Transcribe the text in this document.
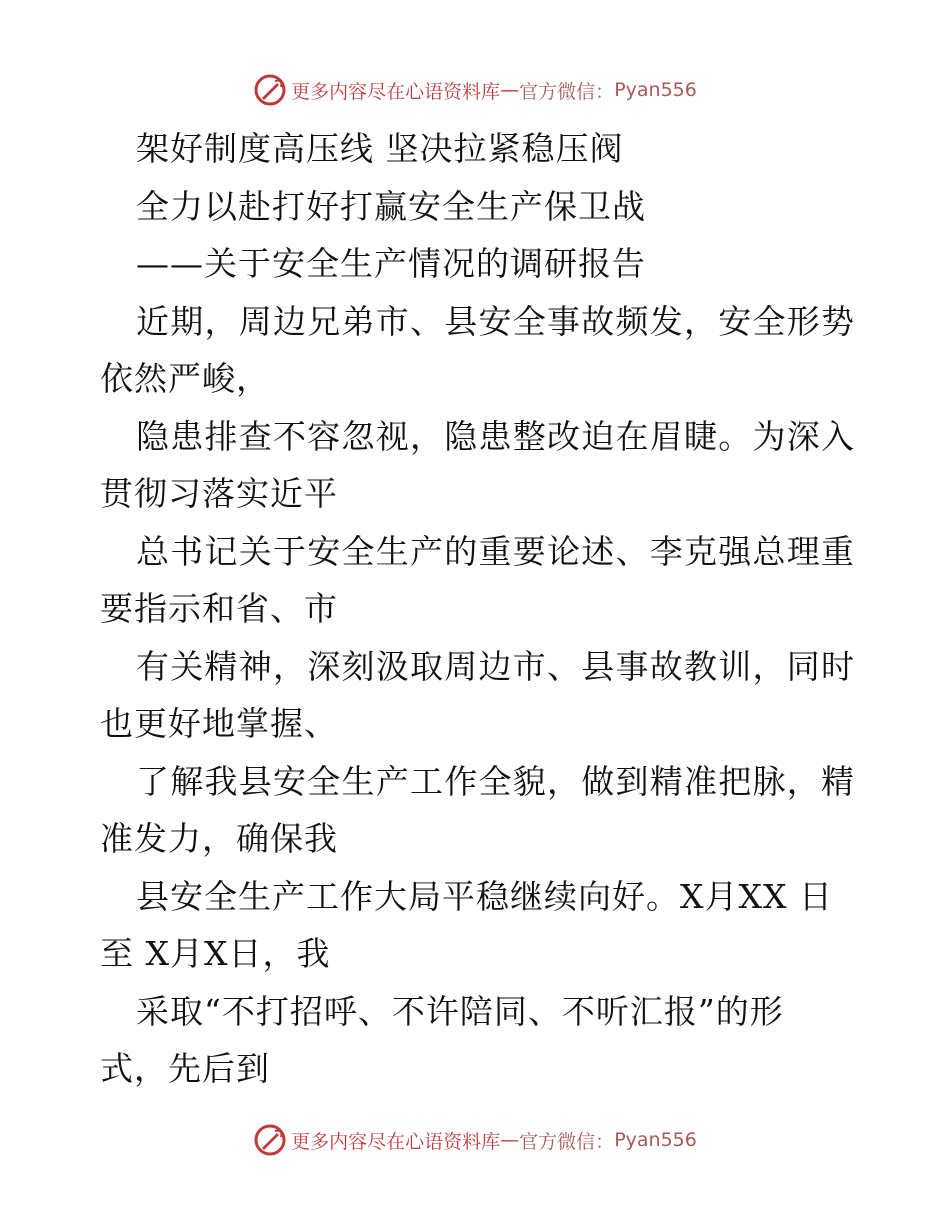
更多内容尽在心语资料库 — 官方微信： Pyan556
架好制度高压线 坚决拉紧稳压阀
全力以赴打好打赢安全生产保卫战
——关于安全生产情况的调研报告
近期，周边兄弟市、县安全事故频发，安全形势
依然严峻，
隐患排查不容忽视，隐患整改迫在眉睫。为深入
贯彻习落实近平
总书记关于安全生产的重要论述、李克强总理重
要指示和省、市
有关精神，深刻汲取周边市、县事故教训，同时
也更好地掌握、
了解我县安全生产工作全貌，做到精准把脉，精
准发力，确保我
县安全生产工作大局平稳继续向好。X月XX 日
至 X月X日，我
采取“不打招呼、不许陪同、不听汇报”的形
式，先后到
更多内容尽在心语资料库 — 官方微信： Pyan556
